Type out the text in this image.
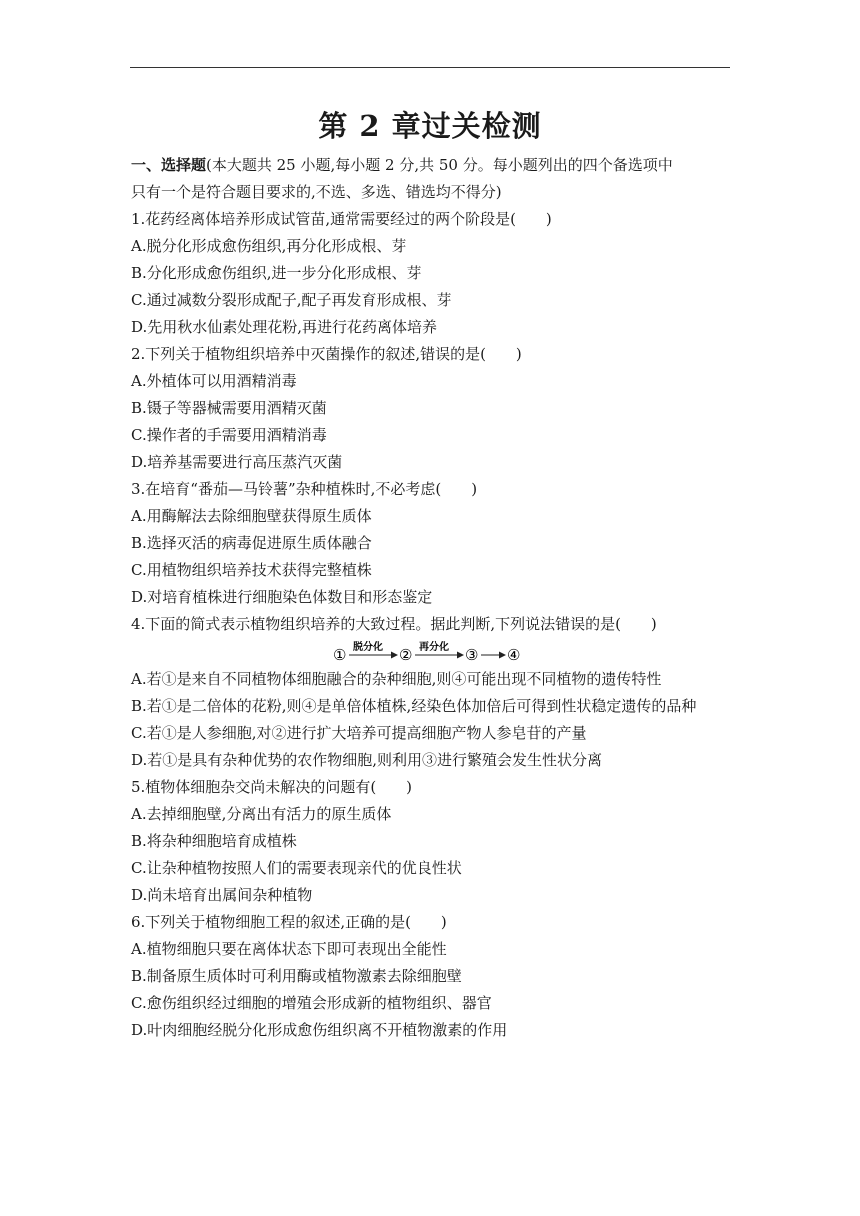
第 2 章过关检测
一、选择题(本大题共 25 小题,每小题 2 分,共 50 分。每小题列出的四个备选项中
只有一个是符合题目要求的,不选、多选、错选均不得分)
1.花药经离体培养形成试管苗,通常需要经过的两个阶段是(　　)
A.脱分化形成愈伤组织,再分化形成根、芽
B.分化形成愈伤组织,进一步分化形成根、芽
C.通过减数分裂形成配子,配子再发育形成根、芽
D.先用秋水仙素处理花粉,再进行花药离体培养
2.下列关于植物组织培养中灭菌操作的叙述,错误的是(　　)
A.外植体可以用酒精消毒
B.镊子等器械需要用酒精灭菌
C.操作者的手需要用酒精消毒
D.培养基需要进行高压蒸汽灭菌
3.在培育“番茄—马铃薯”杂种植株时,不必考虑(　　)
A.用酶解法去除细胞壁获得原生质体
B.选择灭活的病毒促进原生质体融合
C.用植物组织培养技术获得完整植株
D.对培育植株进行细胞染色体数目和形态鉴定
4.下面的简式表示植物组织培养的大致过程。据此判断,下列说法错误的是(　　)
① 脱分化 ② 再分化 ③ ④
A.若①是来自不同植物体细胞融合的杂种细胞,则④可能出现不同植物的遗传特性
B.若①是二倍体的花粉,则④是单倍体植株,经染色体加倍后可得到性状稳定遗传的品种
C.若①是人参细胞,对②进行扩大培养可提高细胞产物人参皂苷的产量
D.若①是具有杂种优势的农作物细胞,则利用③进行繁殖会发生性状分离
5.植物体细胞杂交尚未解决的问题有(　　)
A.去掉细胞壁,分离出有活力的原生质体
B.将杂种细胞培育成植株
C.让杂种植物按照人们的需要表现亲代的优良性状
D.尚未培育出属间杂种植物
6.下列关于植物细胞工程的叙述,正确的是(　　)
A.植物细胞只要在离体状态下即可表现出全能性
B.制备原生质体时可利用酶或植物激素去除细胞壁
C.愈伤组织经过细胞的增殖会形成新的植物组织、器官
D.叶肉细胞经脱分化形成愈伤组织离不开植物激素的作用
